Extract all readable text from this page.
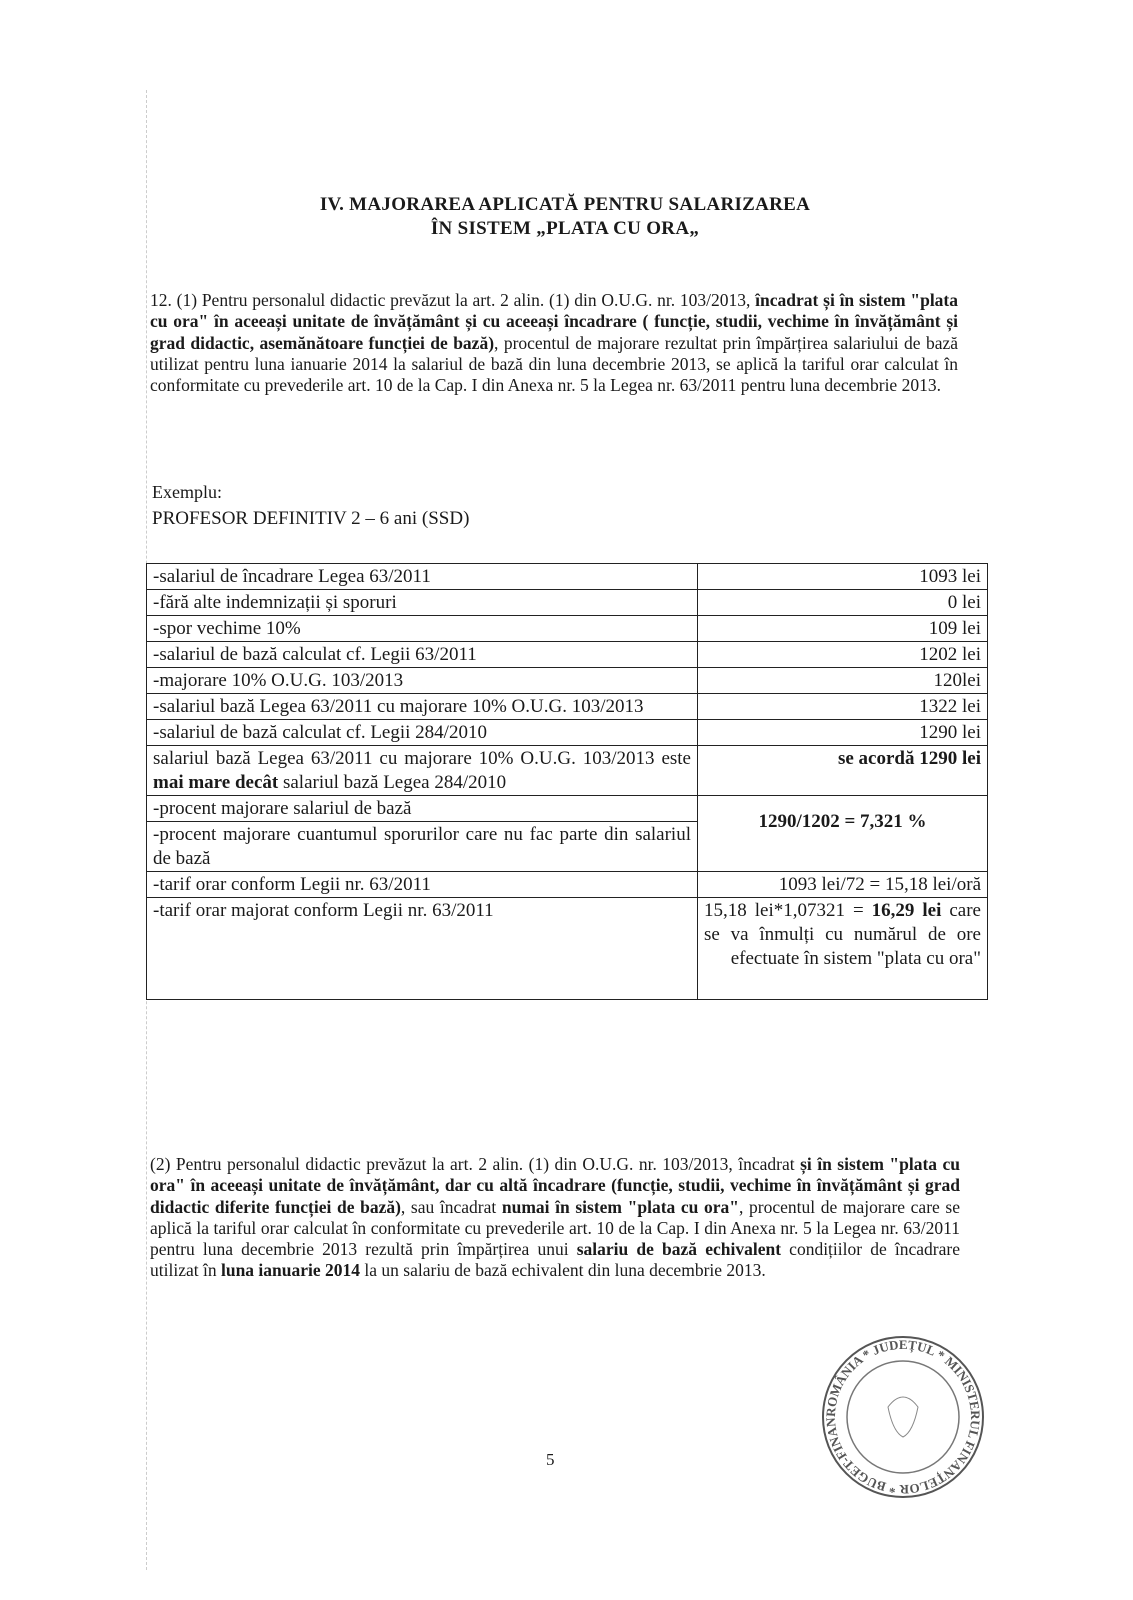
IV. MAJORAREA APLICATĂ PENTRU SALARIZAREA
ÎN SISTEM „PLATA CU ORA„
12. (1) Pentru personalul didactic prevăzut la art. 2 alin. (1) din O.U.G. nr. 103/2013, încadrat și în sistem "plata cu ora" în aceeași unitate de învățământ și cu aceeași încadrare ( funcție, studii, vechime în învățământ și grad didactic, asemănătoare funcției de bază), procentul de majorare rezultat prin împărțirea salariului de bază utilizat pentru luna ianuarie 2014 la salariul de bază din luna decembrie 2013, se aplică la tariful orar calculat în conformitate cu prevederile art. 10 de la Cap. I din Anexa nr. 5 la Legea nr. 63/2011 pentru luna decembrie 2013.
Exemplu:
PROFESOR DEFINITIV 2 – 6 ani (SSD)
-salariul de încadrare Legea 63/2011	1093 lei
-fără alte indemnizații și sporuri	0 lei
-spor vechime 10%	109 lei
-salariul de bază calculat cf. Legii 63/2011	1202 lei
-majorare 10% O.U.G. 103/2013	120lei
-salariul bază Legea 63/2011 cu majorare 10% O.U.G. 103/2013	1322 lei
-salariul de bază calculat cf. Legii 284/2010	1290 lei
salariul bază Legea 63/2011 cu majorare 10% O.U.G. 103/2013 este mai mare decât salariul bază Legea 284/2010	se acordă 1290 lei
-procent majorare salariul de bază	
-procent majorare cuantumul sporurilor care nu fac parte din salariul de bază	1290/1202 = 7,321 %
-tarif orar conform Legii nr. 63/2011	1093 lei/72 = 15,18 lei/oră
-tarif orar majorat conform Legii nr. 63/2011	15,18 lei*1,07321 = 16,29 lei care se va înmulți cu numărul de ore efectuate în sistem "plata cu ora"
(2) Pentru personalul didactic prevăzut la art. 2 alin. (1) din O.U.G. nr. 103/2013, încadrat și în sistem "plata cu ora" în aceeași unitate de învățământ, dar cu altă încadrare (funcție, studii, vechime în învățământ și grad didactic diferite funcției de bază), sau încadrat numai în sistem "plata cu ora", procentul de majorare care se aplică la tariful orar calculat în conformitate cu prevederile art. 10 de la Cap. I din Anexa nr. 5 la Legea nr. 63/2011 pentru luna decembrie 2013 rezultă prin împărțirea unui salariu de bază echivalent condițiilor de încadrare utilizat în luna ianuarie 2014 la un salariu de bază echivalent din luna decembrie 2013.
ROMÂNIA * JUDEȚUL * MINISTERUL FINANȚELOR * BUGET-FINAN
5
